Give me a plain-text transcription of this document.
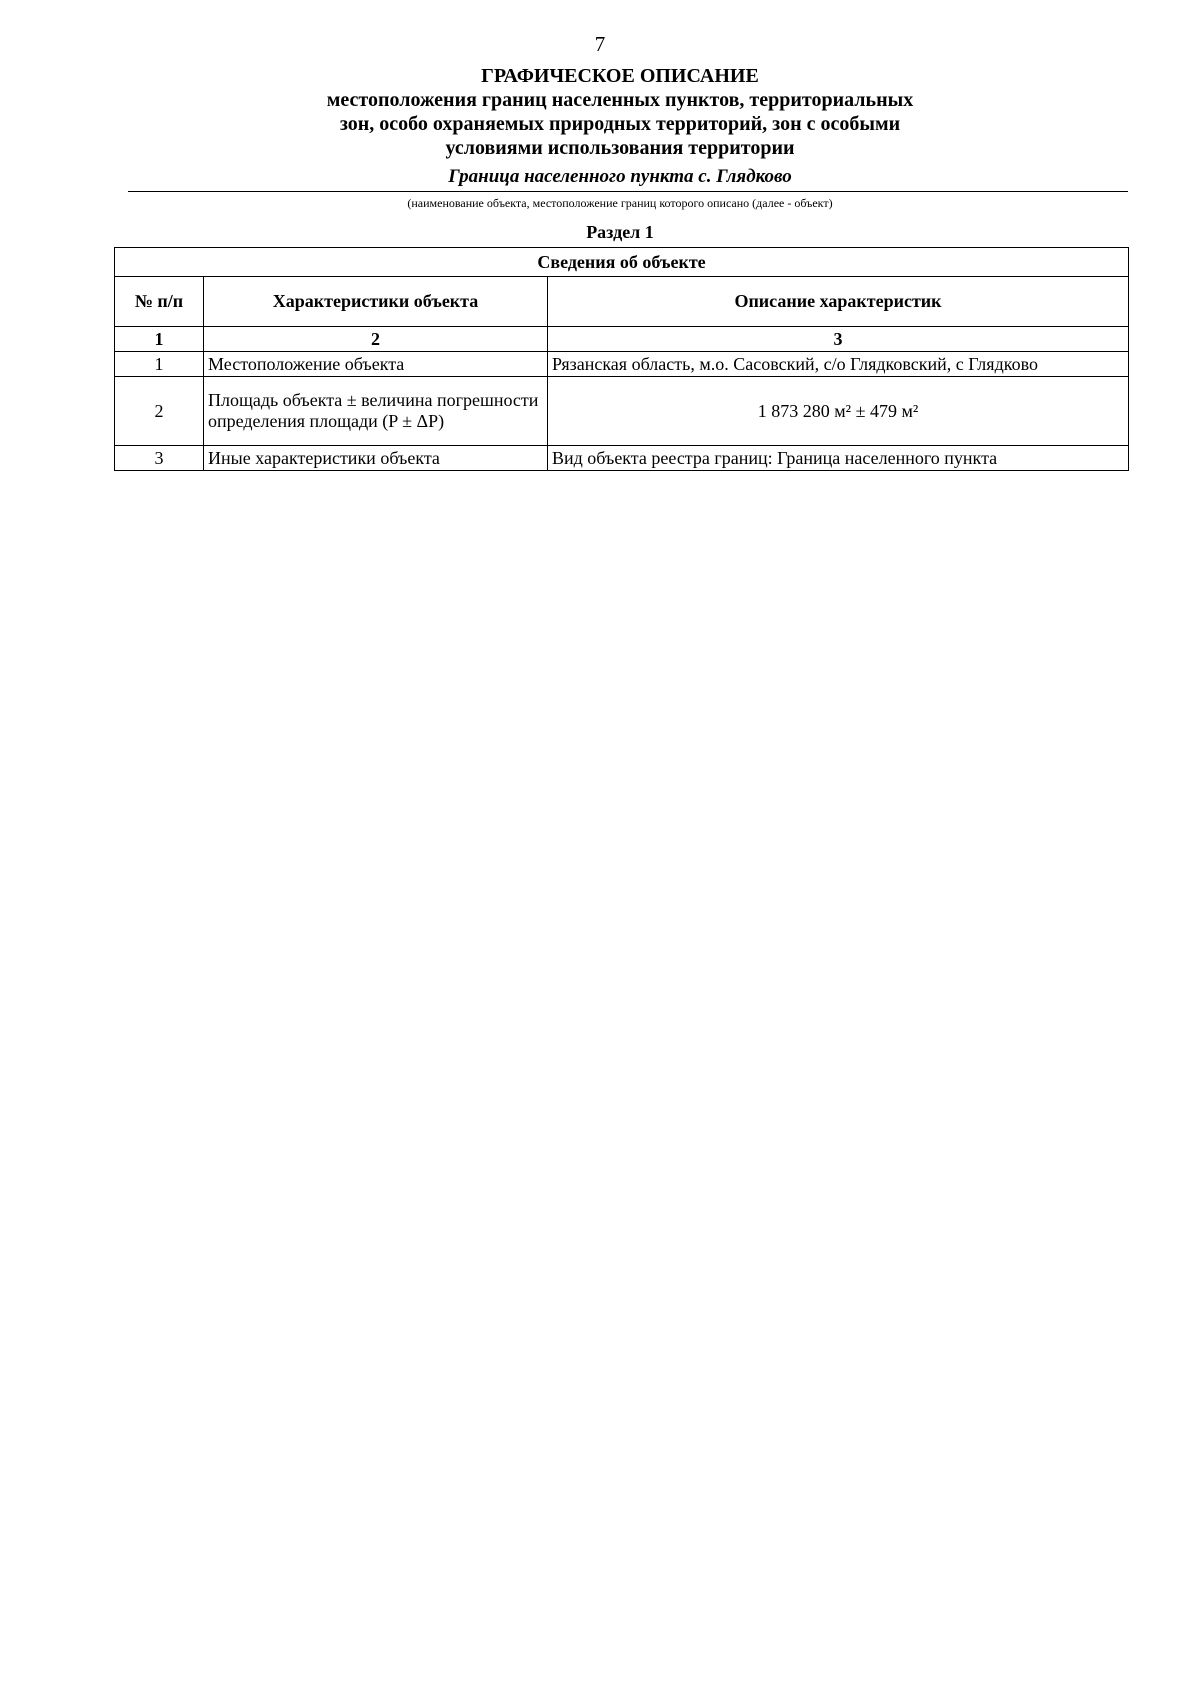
7
ГРАФИЧЕСКОЕ ОПИСАНИЕ
местоположения границ населенных пунктов, территориальных
зон, особо охраняемых природных территорий, зон с особыми
условиями использования территории
Граница населенного пункта с. Глядково
(наименование объекта, местоположение границ которого описано (далее - объект)
Раздел 1
Сведения об объекте		
№ п/п	Характеристики объекта	Описание характеристик
1	2	3
1	Местоположение объекта	Рязанская область, м.о. Сасовский, с/о Глядковский, с Глядково
2	Площадь объекта ± величина погрешности определения площади (P ± ΔP)	1 873 280 м² ± 479 м²
3	Иные характеристики объекта	Вид объекта реестра границ: Граница населенного пункта
